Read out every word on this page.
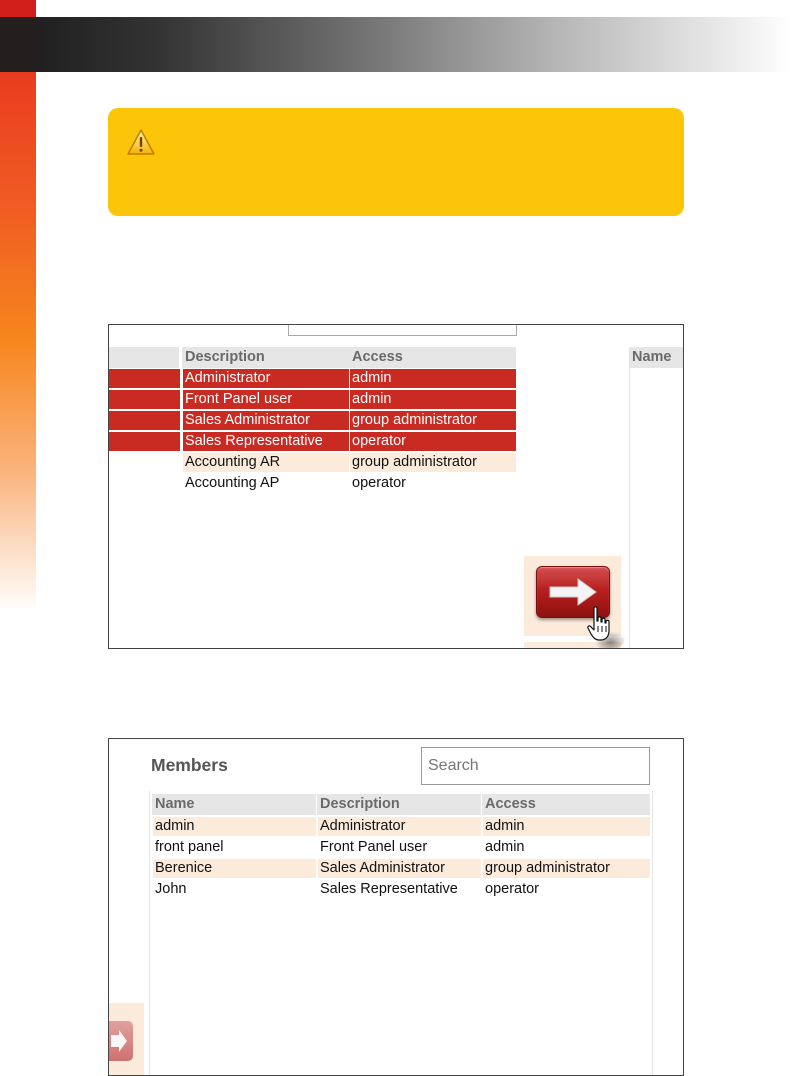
Description	Access	Name
Administrator	admin
Front Panel user	admin
Sales Administrator	group administrator
Sales Representative	operator
Accounting AR	group administrator
Accounting AP	operator
Members
Search
Name	Description	Access
admin	Administrator	admin
front panel	Front Panel user	admin
Berenice	Sales Administrator	group administrator
John	Sales Representative	operator
